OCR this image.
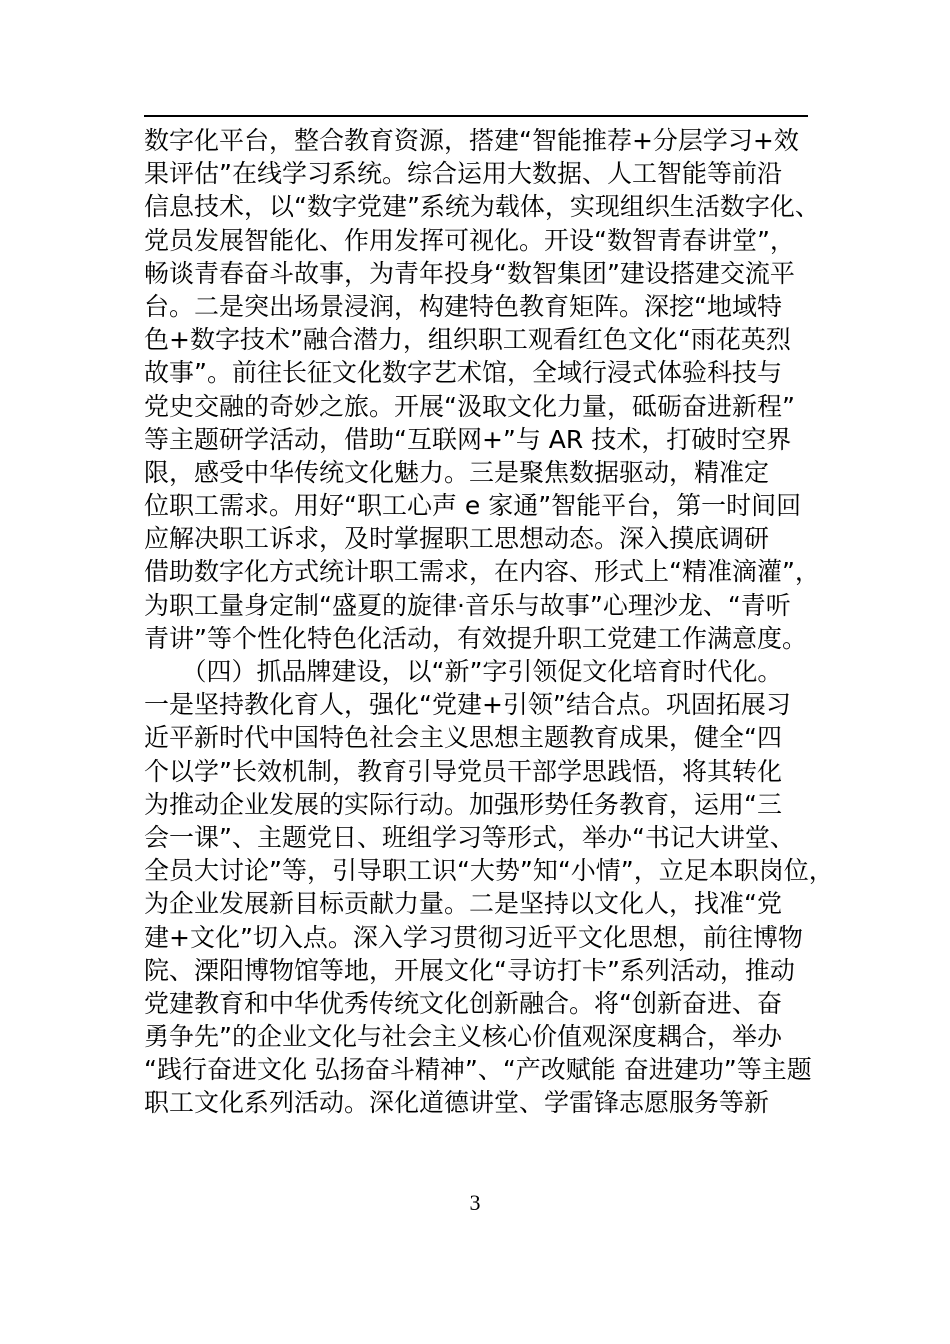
数字化平台，整合教育资源，搭建“智能推荐+分层学习+效
果评估”在线学习系统。综合运用大数据、人工智能等前沿
信息技术，以“数字党建”系统为载体，实现组织生活数字化、
党员发展智能化、作用发挥可视化。开设“数智青春讲堂”，
畅谈青春奋斗故事，为青年投身“数智集团”建设搭建交流平
台。二是突出场景浸润，构建特色教育矩阵。深挖“地域特
色+数字技术”融合潜力，组织职工观看红色文化“雨花英烈
故事”。前往长征文化数字艺术馆，全域行浸式体验科技与
党史交融的奇妙之旅。开展“汲取文化力量，砥砺奋进新程”
等主题研学活动，借助“互联网+”与 AR 技术，打破时空界
限，感受中华传统文化魅力。三是聚焦数据驱动，精准定
位职工需求。用好“职工心声 e 家通”智能平台，第一时间回
应解决职工诉求，及时掌握职工思想动态。深入摸底调研
借助数字化方式统计职工需求，在内容、形式上“精准滴灌”，
为职工量身定制“盛夏的旋律·音乐与故事”心理沙龙、“青听
青讲”等个性化特色化活动，有效提升职工党建工作满意度。
　　（四）抓品牌建设，以“新”字引领促文化培育时代化。
一是坚持教化育人，强化“党建+引领”结合点。巩固拓展习
近平新时代中国特色社会主义思想主题教育成果，健全“四
个以学”长效机制，教育引导党员干部学思践悟，将其转化
为推动企业发展的实际行动。加强形势任务教育，运用“三
会一课”、主题党日、班组学习等形式，举办“书记大讲堂、
全员大讨论”等，引导职工识“大势”知“小情”，立足本职岗位，
为企业发展新目标贡献力量。二是坚持以文化人，找准“党
建+文化”切入点。深入学习贯彻习近平文化思想，前往博物
院、溧阳博物馆等地，开展文化“寻访打卡”系列活动，推动
党建教育和中华优秀传统文化创新融合。将“创新奋进、奋
勇争先”的企业文化与社会主义核心价值观深度耦合，举办
“践行奋进文化 弘扬奋斗精神”、“产改赋能 奋进建功”等主题
职工文化系列活动。深化道德讲堂、学雷锋志愿服务等新
3
